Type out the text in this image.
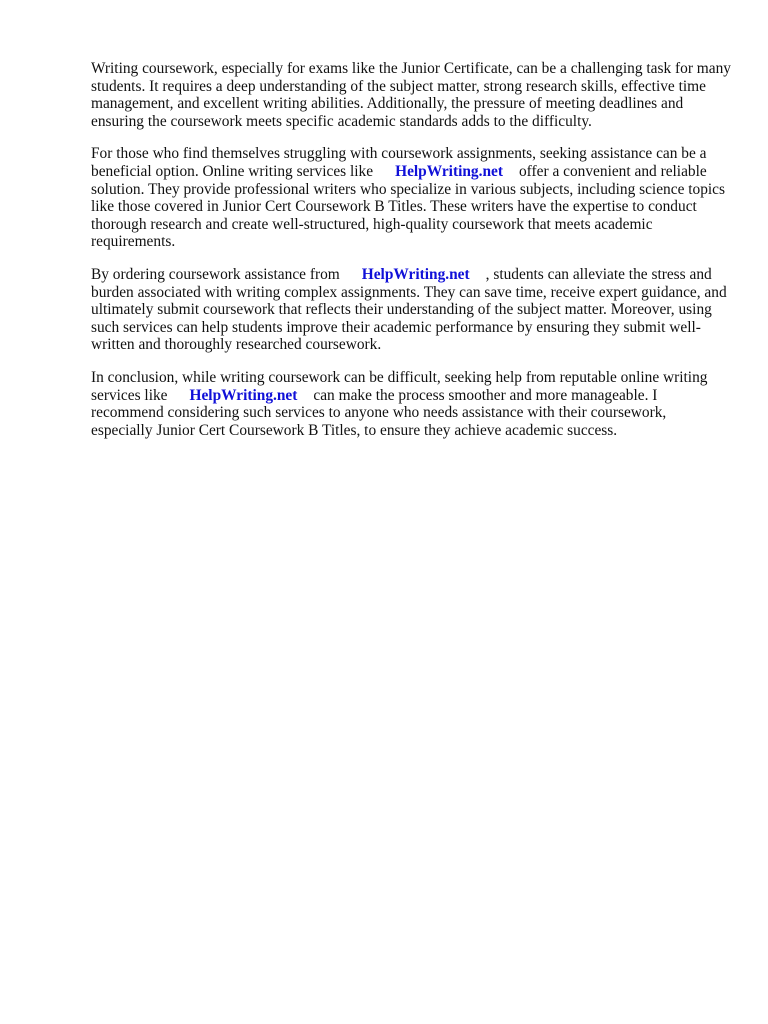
Writing coursework, especially for exams like the Junior Certificate, can be a challenging task for many students. It requires a deep understanding of the subject matter, strong research skills, effective time management, and excellent writing abilities. Additionally, the pressure of meeting deadlines and ensuring the coursework meets specific academic standards adds to the difficulty.

For those who find themselves struggling with coursework assignments, seeking assistance can be a beneficial option. Online writing services like HelpWriting.net offer a convenient and reliable solution. They provide professional writers who specialize in various subjects, including science topics like those covered in Junior Cert Coursework B Titles. These writers have the expertise to conduct thorough research and create well-structured, high-quality coursework that meets academic requirements.

By ordering coursework assistance from HelpWriting.net , students can alleviate the stress and burden associated with writing complex assignments. They can save time, receive expert guidance, and ultimately submit coursework that reflects their understanding of the subject matter. Moreover, using such services can help students improve their academic performance by ensuring they submit well-written and thoroughly researched coursework.

In conclusion, while writing coursework can be difficult, seeking help from reputable online writing services like HelpWriting.net can make the process smoother and more manageable. I recommend considering such services to anyone who needs assistance with their coursework, especially Junior Cert Coursework B Titles, to ensure they achieve academic success.
